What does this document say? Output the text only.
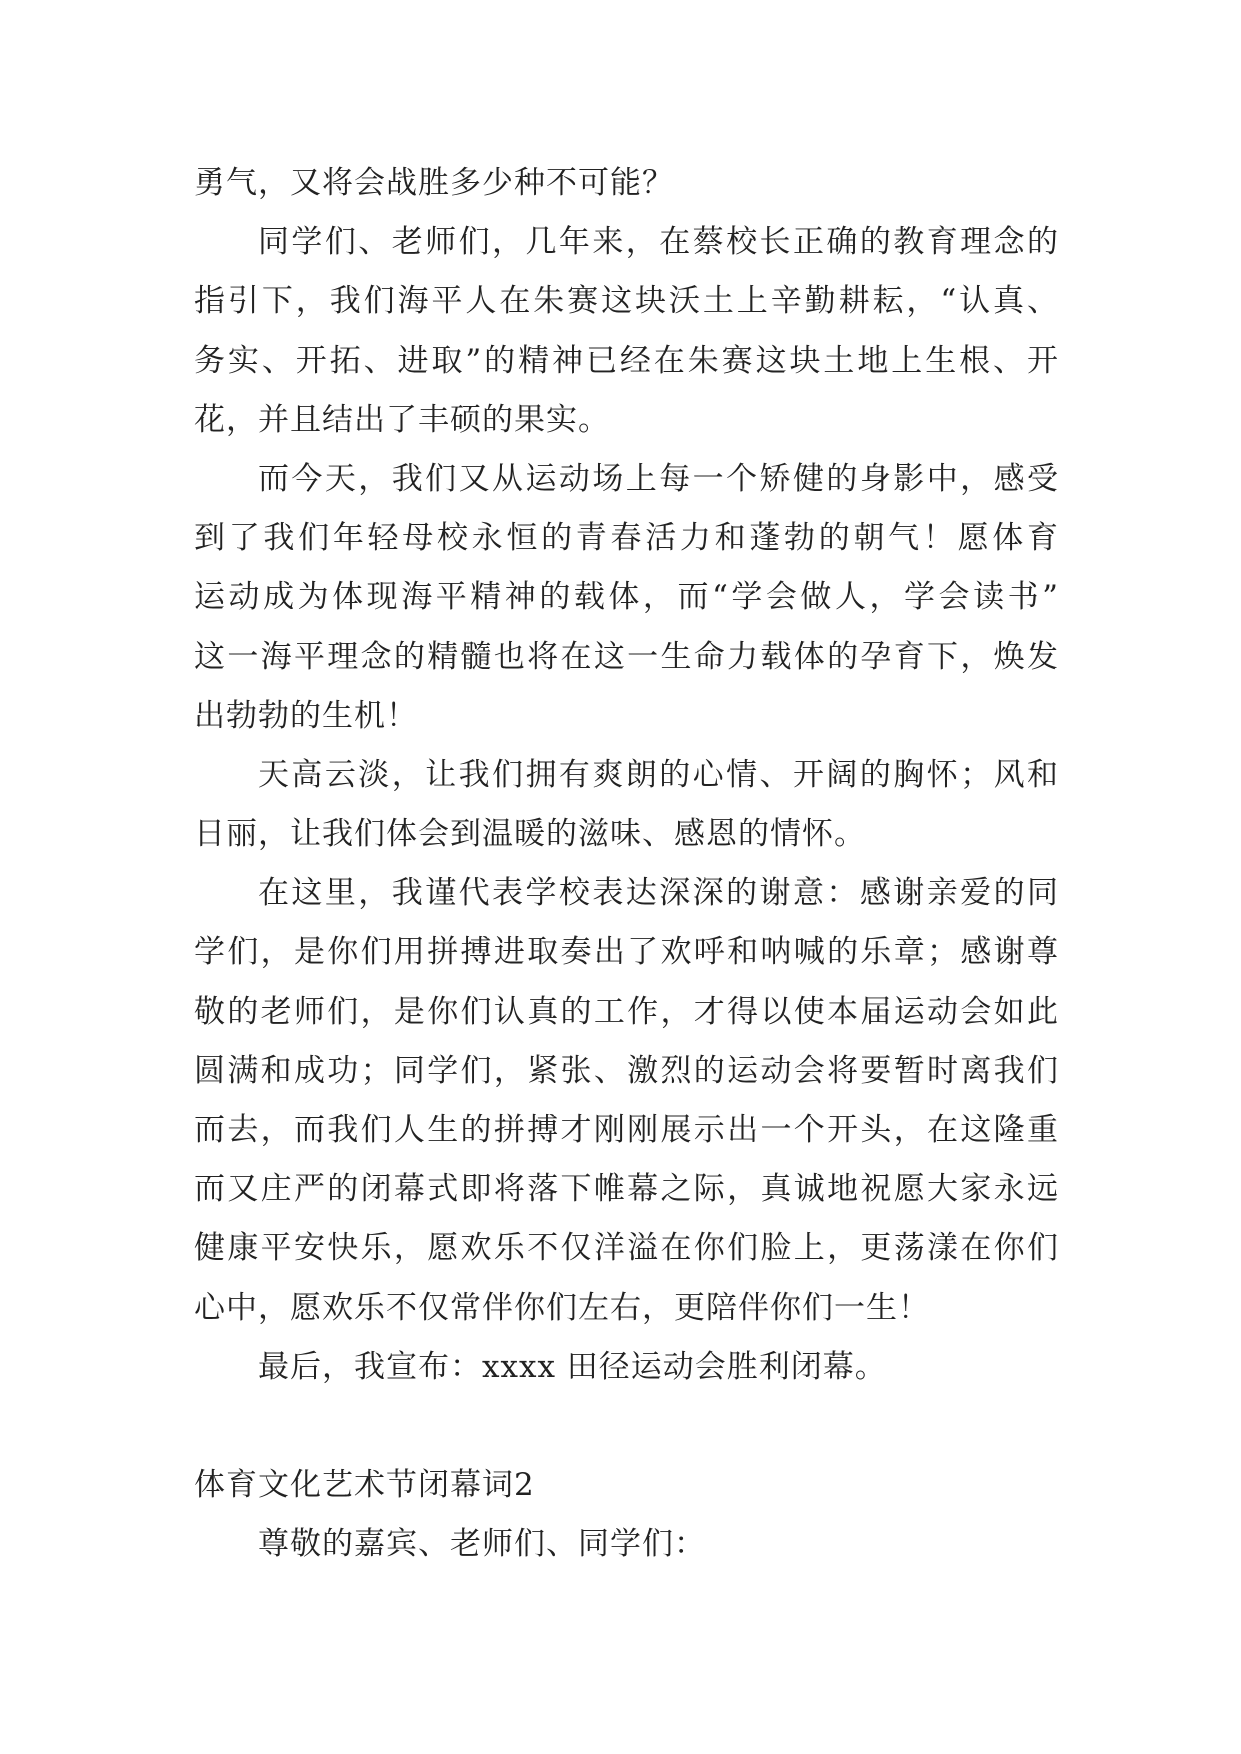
勇气，又将会战胜多少种不可能？
同学们、老师们，几年来，在蔡校长正确的教育理念的
指引下，我们海平人在朱赛这块沃土上辛勤耕耘，“认真、
务实、开拓、进取”的精神已经在朱赛这块土地上生根、开
花，并且结出了丰硕的果实。
而今天，我们又从运动场上每一个矫健的身影中，感受
到了我们年轻母校永恒的青春活力和蓬勃的朝气！愿体育
运动成为体现海平精神的载体，而“学会做人，学会读书”
这一海平理念的精髓也将在这一生命力载体的孕育下，焕发
出勃勃的生机！
天高云淡，让我们拥有爽朗的心情、开阔的胸怀；风和
日丽，让我们体会到温暖的滋味、感恩的情怀。
在这里，我谨代表学校表达深深的谢意：感谢亲爱的同
学们，是你们用拼搏进取奏出了欢呼和呐喊的乐章；感谢尊
敬的老师们，是你们认真的工作，才得以使本届运动会如此
圆满和成功；同学们，紧张、激烈的运动会将要暂时离我们
而去，而我们人生的拼搏才刚刚展示出一个开头，在这隆重
而又庄严的闭幕式即将落下帷幕之际，真诚地祝愿大家永远
健康平安快乐，愿欢乐不仅洋溢在你们脸上，更荡漾在你们
心中，愿欢乐不仅常伴你们左右，更陪伴你们一生！
最后，我宣布：xxxx 田径运动会胜利闭幕。
体育文化艺术节闭幕词2
尊敬的嘉宾、老师们、同学们：
